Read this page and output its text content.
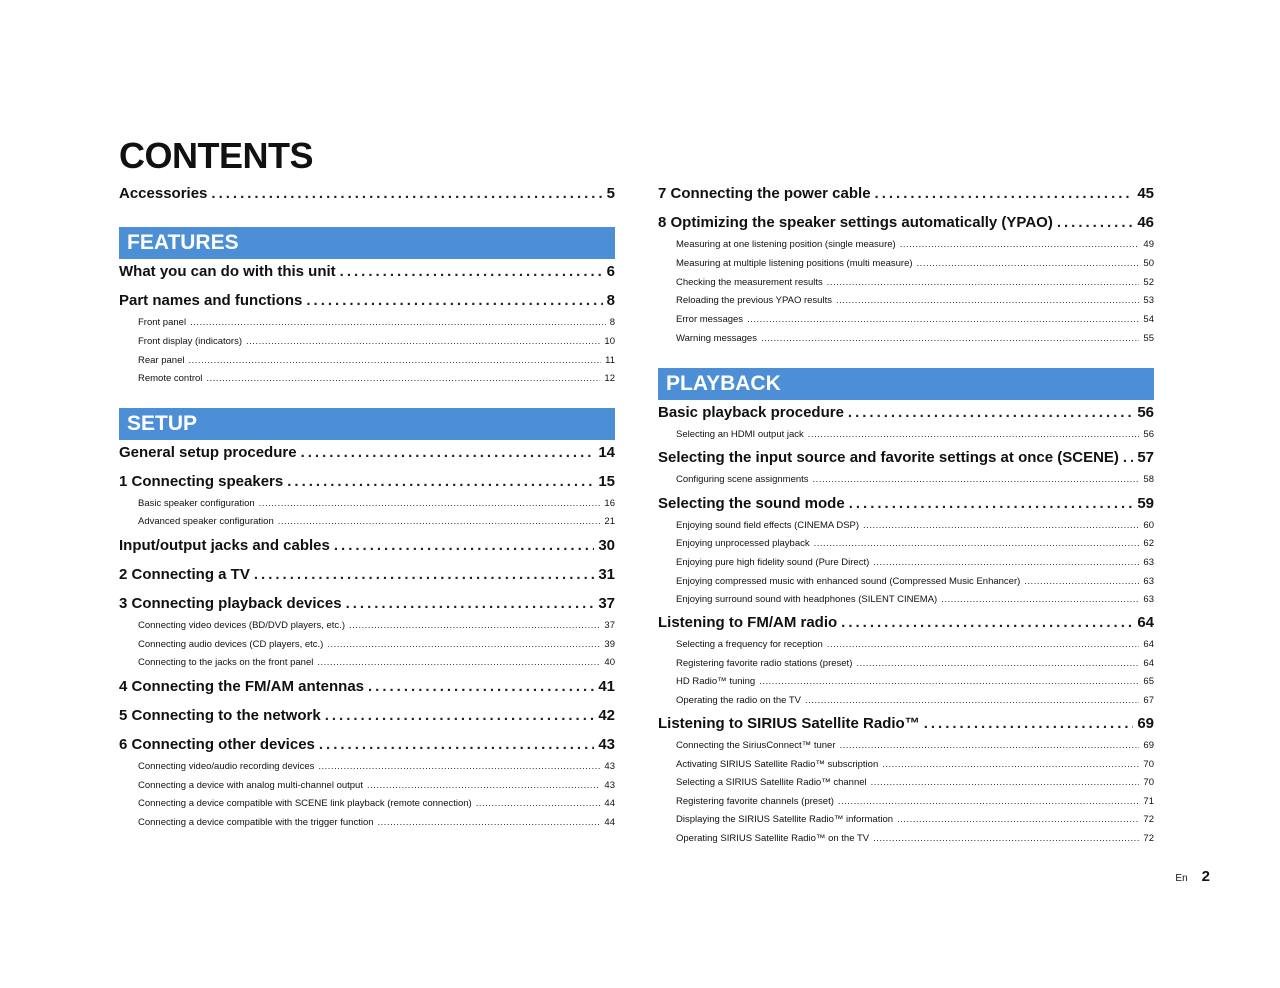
CONTENTS
Accessories .....	5
FEATURES
What you can do with this unit .....	6
Part names and functions .....	8
Front panel .....	8
Front display (indicators) .....	10
Rear panel .....	11
Remote control .....	12
SETUP
General setup procedure .....	14
1 Connecting speakers .....	15
Basic speaker configuration .....	16
Advanced speaker configuration .....	21
Input/output jacks and cables .....	30
2 Connecting a TV .....	31
3 Connecting playback devices .....	37
Connecting video devices (BD/DVD players, etc.) .....	37
Connecting audio devices (CD players, etc.) .....	39
Connecting to the jacks on the front panel .....	40
4 Connecting the FM/AM antennas .....	41
5 Connecting to the network .....	42
6 Connecting other devices .....	43
Connecting video/audio recording devices .....	43
Connecting a device with analog multi-channel output .....	43
Connecting a device compatible with SCENE link playback (remote connection) .....	44
Connecting a device compatible with the trigger function .....	44
7 Connecting the power cable .....	45
8 Optimizing the speaker settings automatically (YPAO) .....	46
Measuring at one listening position (single measure) .....	49
Measuring at multiple listening positions (multi measure) .....	50
Checking the measurement results .....	52
Reloading the previous YPAO results .....	53
Error messages .....	54
Warning messages .....	55
PLAYBACK
Basic playback procedure .....	56
Selecting an HDMI output jack .....	56
Selecting the input source and favorite settings at once (SCENE) ..... 57
Configuring scene assignments .....	58
Selecting the sound mode .....	59
Enjoying sound field effects (CINEMA DSP) .....	60
Enjoying unprocessed playback .....	62
Enjoying pure high fidelity sound (Pure Direct) .....	63
Enjoying compressed music with enhanced sound (Compressed Music Enhancer) .....	63
Enjoying surround sound with headphones (SILENT CINEMA) .....	63
Listening to FM/AM radio .....	64
Selecting a frequency for reception .....	64
Registering favorite radio stations (preset) .....	64
HD Radio™ tuning .....	65
Operating the radio on the TV .....	67
Listening to SIRIUS Satellite Radio™ .....	69
Connecting the SiriusConnect™ tuner .....	69
Activating SIRIUS Satellite Radio™ subscription .....	70
Selecting a SIRIUS Satellite Radio™ channel .....	70
Registering favorite channels (preset) .....	71
Displaying the SIRIUS Satellite Radio™ information .....	72
Operating SIRIUS Satellite Radio™ on the TV .....	72
En 2
